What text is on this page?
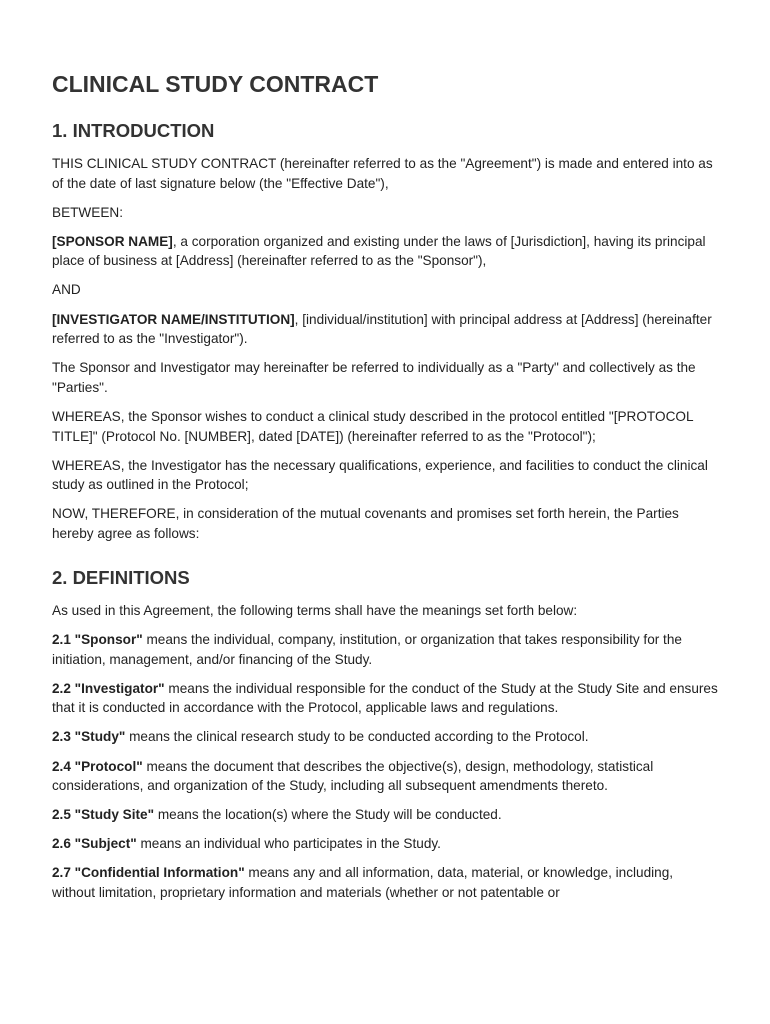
CLINICAL STUDY CONTRACT
1. INTRODUCTION

THIS CLINICAL STUDY CONTRACT (hereinafter referred to as the "Agreement") is made and entered into as of the date of last signature below (the "Effective Date"),

BETWEEN:

[SPONSOR NAME], a corporation organized and existing under the laws of [Jurisdiction], having its principal place of business at [Address] (hereinafter referred to as the "Sponsor"),

AND

[INVESTIGATOR NAME/INSTITUTION], [individual/institution] with principal address at [Address] (hereinafter referred to as the "Investigator").

The Sponsor and Investigator may hereinafter be referred to individually as a "Party" and collectively as the "Parties".

WHEREAS, the Sponsor wishes to conduct a clinical study described in the protocol entitled "[PROTOCOL TITLE]" (Protocol No. [NUMBER], dated [DATE]) (hereinafter referred to as the "Protocol");

WHEREAS, the Investigator has the necessary qualifications, experience, and facilities to conduct the clinical study as outlined in the Protocol;

NOW, THEREFORE, in consideration of the mutual covenants and promises set forth herein, the Parties hereby agree as follows:

2. DEFINITIONS

As used in this Agreement, the following terms shall have the meanings set forth below:

2.1 "Sponsor" means the individual, company, institution, or organization that takes responsibility for the initiation, management, and/or financing of the Study.

2.2 "Investigator" means the individual responsible for the conduct of the Study at the Study Site and ensures that it is conducted in accordance with the Protocol, applicable laws and regulations.

2.3 "Study" means the clinical research study to be conducted according to the Protocol.

2.4 "Protocol" means the document that describes the objective(s), design, methodology, statistical considerations, and organization of the Study, including all subsequent amendments thereto.

2.5 "Study Site" means the location(s) where the Study will be conducted.

2.6 "Subject" means an individual who participates in the Study.

2.7 "Confidential Information" means any and all information, data, material, or knowledge, including, without limitation, proprietary information and materials (whether or not patentable or
